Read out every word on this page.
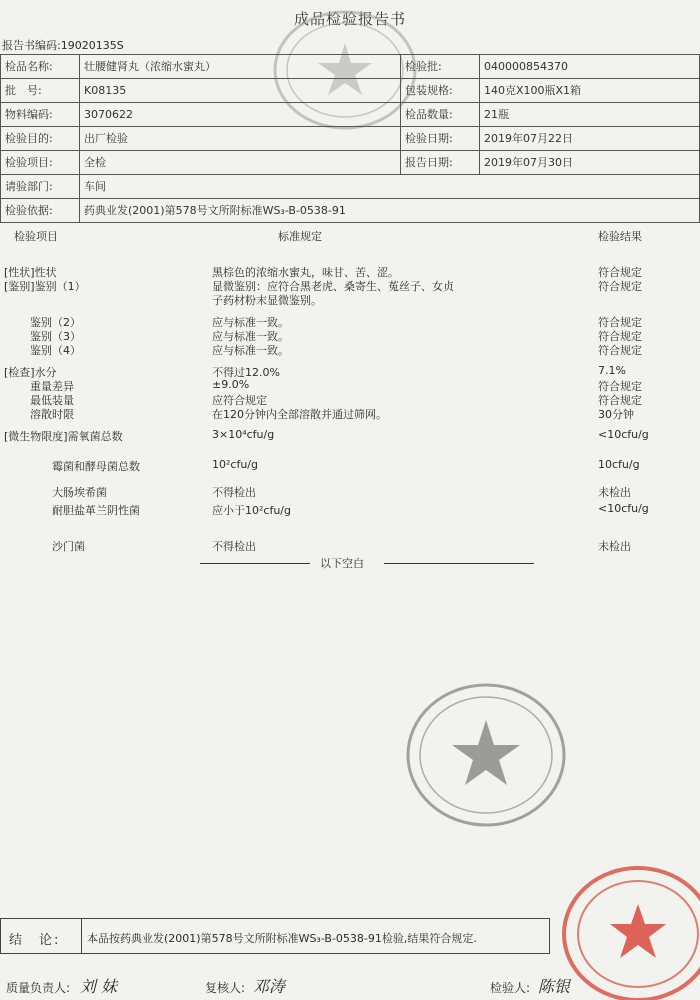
成品检验报告书
报告书编码:19020135S
检品名称:	壮腰健肾丸（浓缩水蜜丸）	检验批:	040000854370
批　号:	K08135	包装规格:	140克X100瓶X1箱
物料编码:	3070622	检品数量:	21瓶
检验目的:	出厂检验	检验日期:	2019年07月22日
检验项目:	全检	报告日期:	2019年07月30日
请验部门:	车间
检验依据:	药典业发(2001)第578号文所附标准WS₃-B-0538-91
检验项目	标准规定	检验结果
[性状]性状	黑棕色的浓缩水蜜丸，味甘、苦、涩。	符合规定
[鉴别]鉴别（1）	显微鉴别：应符合黑老虎、桑寄生、菟丝子、女贞	符合规定
子药材粉末显微鉴别。
鉴别（2）	应与标准一致。	符合规定
鉴别（3）	应与标准一致。	符合规定
鉴别（4）	应与标准一致。	符合规定
[检查]水分	不得过12.0%	7.1%
重量差异	±9.0%	符合规定
最低装量	应符合规定	符合规定
溶散时限	在120分钟内全部溶散并通过筛网。	30分钟
[微生物限度]需氧菌总数	3×10⁴cfu/g	<10cfu/g
霉菌和酵母菌总数	10²cfu/g	10cfu/g
大肠埃希菌	不得检出	未检出
耐胆盐革兰阴性菌	应小于10²cfu/g	<10cfu/g
沙门菌	不得检出	未检出
以下空白
结　论: 本品按药典业发(2001)第578号文所附标准WS₃-B-0538-91检验,结果符合规定.
质量负责人: 刘 妹	复核人: 邓涛	检验人: 陈银
